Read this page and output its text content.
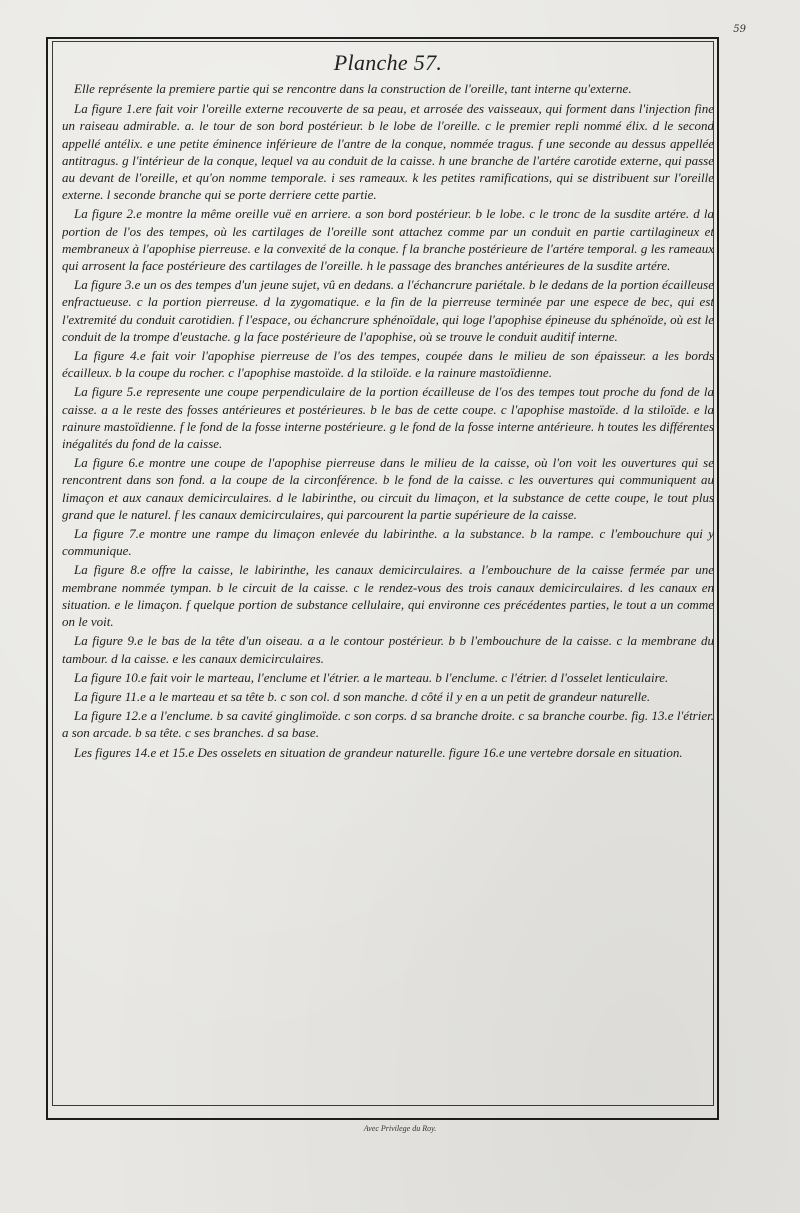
59
Planche 57.

Elle représente la premiere partie qui se rencontre dans la construction de l'oreille, tant interne qu'externe.

La figure 1.ere fait voir l'oreille externe recouverte de sa peau, et arrosée des vaisseaux, qui forment dans l'injection fine un raiseau admirable. a. le tour de son bord postérieur. b le lobe de l'oreille. c le premier repli nommé élix. d le second appellé antélix. e une petite éminence inférieure de l'antre de la conque, nommée tragus. f une seconde au dessus appellée antitragus. g l'intérieur de la conque, lequel va au conduit de la caisse. h une branche de l'artére carotide externe, qui passe au devant de l'oreille, et qu'on nomme temporale. i ses rameaux. k les petites ramifications, qui se distribuent sur l'oreille externe. l seconde branche qui se porte derriere cette partie.

La figure 2.e montre la même oreille vuë en arriere. a son bord postérieur. b le lobe. c le tronc de la susdite artére. d la portion de l'os des tempes, où les cartilages de l'oreille sont attachez comme par un conduit en partie cartilagineux et membraneux à l'apophise pierreuse. e la convexité de la conque. f la branche postérieure de l'artére temporal. g les rameaux qui arrosent la face postérieure des cartilages de l'oreille. h le passage des branches antérieures de la susdite artére.

La figure 3.e un os des tempes d'un jeune sujet, vû en dedans. a l'échancrure pariétale. b le dedans de la portion écailleuse enfractueuse. c la portion pierreuse. d la zygomatique. e la fin de la pierreuse terminée par une espece de bec, qui est l'extremité du conduit carotidien. f l'espace, ou échancrure sphénoïdale, qui loge l'apophise épineuse du sphénoïde, où est le conduit de la trompe d'eustache. g la face postérieure de l'apophise, où se trouve le conduit auditif interne.

La figure 4.e fait voir l'apophise pierreuse de l'os des tempes, coupée dans le milieu de son épaisseur. a les bords écailleux. b la coupe du rocher. c l'apophise mastoïde. d la stiloïde. e la rainure mastoïdienne.

La figure 5.e represente une coupe perpendiculaire de la portion écailleuse de l'os des tempes tout proche du fond de la caisse. a a le reste des fosses antérieures et postérieures. b le bas de cette coupe. c l'apophise mastoïde. d la stiloïde. e la rainure mastoïdienne. f le fond de la fosse interne postérieure. g le fond de la fosse interne antérieure. h toutes les différentes inégalités du fond de la caisse.

La figure 6.e montre une coupe de l'apophise pierreuse dans le milieu de la caisse, où l'on voit les ouvertures qui se rencontrent dans son fond. a la coupe de la circonférence. b le fond de la caisse. c les ouvertures qui communiquent au limaçon et aux canaux demicirculaires. d le labirinthe, ou circuit du limaçon, et la substance de cette coupe, le tout plus grand que le naturel. f les canaux demicirculaires, qui parcourent la partie supérieure de la caisse.

La figure 7.e montre une rampe du limaçon enlevée du labirinthe. a la substance. b la rampe. c l'embouchure qui y communique.

La figure 8.e offre la caisse, le labirinthe, les canaux demicirculaires. a l'embouchure de la caisse fermée par une membrane nommée tympan. b le circuit de la caisse. c le rendez-vous des trois canaux demicirculaires. d les canaux en situation. e le limaçon. f quelque portion de substance cellulaire, qui environne ces précédentes parties, le tout a un comme on le voit.

La figure 9.e le bas de la tête d'un oiseau. a a le contour postérieur. b b l'embouchure de la caisse. c la membrane du tambour. d la caisse. e les canaux demicirculaires.

La figure 10.e fait voir le marteau, l'enclume et l'étrier. a le marteau. b l'enclume. c l'étrier. d l'osselet lenticulaire.

La figure 11.e a le marteau et sa tête b. c son col. d son manche. d côté il y en a un petit de grandeur naturelle.

La figure 12.e a l'enclume. b sa cavité ginglimoïde. c son corps. d sa branche droite. c sa branche courbe. fig. 13.e l'étrier. a son arcade. b sa tête. c ses branches. d sa base.

Les figures 14.e et 15.e Des osselets en situation de grandeur naturelle. figure 16.e une vertebre dorsale en situation.

Avec Privilege du Roy.
